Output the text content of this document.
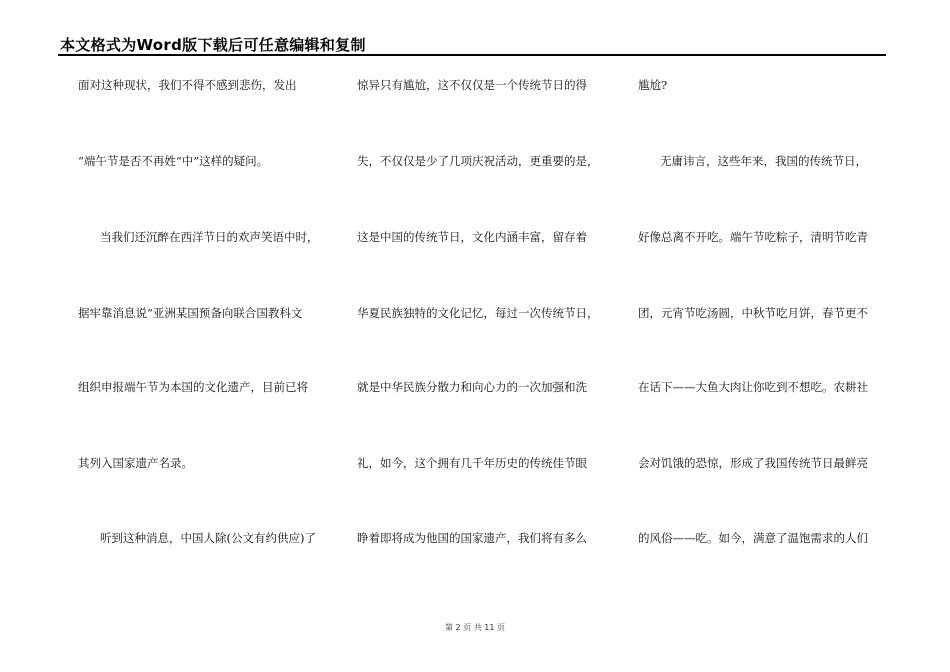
本文格式为Word版下载后可任意编辑和复制
面对这种现状，我们不得不感到悲伤，发出
“端午节是否不再姓“中”这样的疑问。
当我们还沉醉在西洋节日的欢声笑语中时，
据牢靠消息说“亚洲某国预备向联合国教科文
组织申报端午节为本国的文化遗产，目前已将
其列入国家遗产名录。
听到这种消息，中国人除(公文有约供应)了
惊异只有尴尬，这不仅仅是一个传统节日的得
失，不仅仅是少了几项庆祝活动，更重要的是，
这是中国的传统节日，文化内涵丰富，留存着
华夏民族独特的文化记忆，每过一次传统节日，
就是中华民族分散力和向心力的一次加强和洗
礼，如今，这个拥有几千年历史的传统佳节眼
睁着即将成为他国的国家遗产，我们将有多么
尴尬?
无庸讳言，这些年来，我国的传统节日，
好像总离不开吃。端午节吃粽子，清明节吃青
团，元宵节吃汤圆，中秋节吃月饼，春节更不
在话下——大鱼大肉让你吃到不想吃。农耕社
会对饥饿的恐惊，形成了我国传统节日最鲜亮
的风俗——吃。如今，满意了温饱需求的人们
第 2 页 共 11 页
